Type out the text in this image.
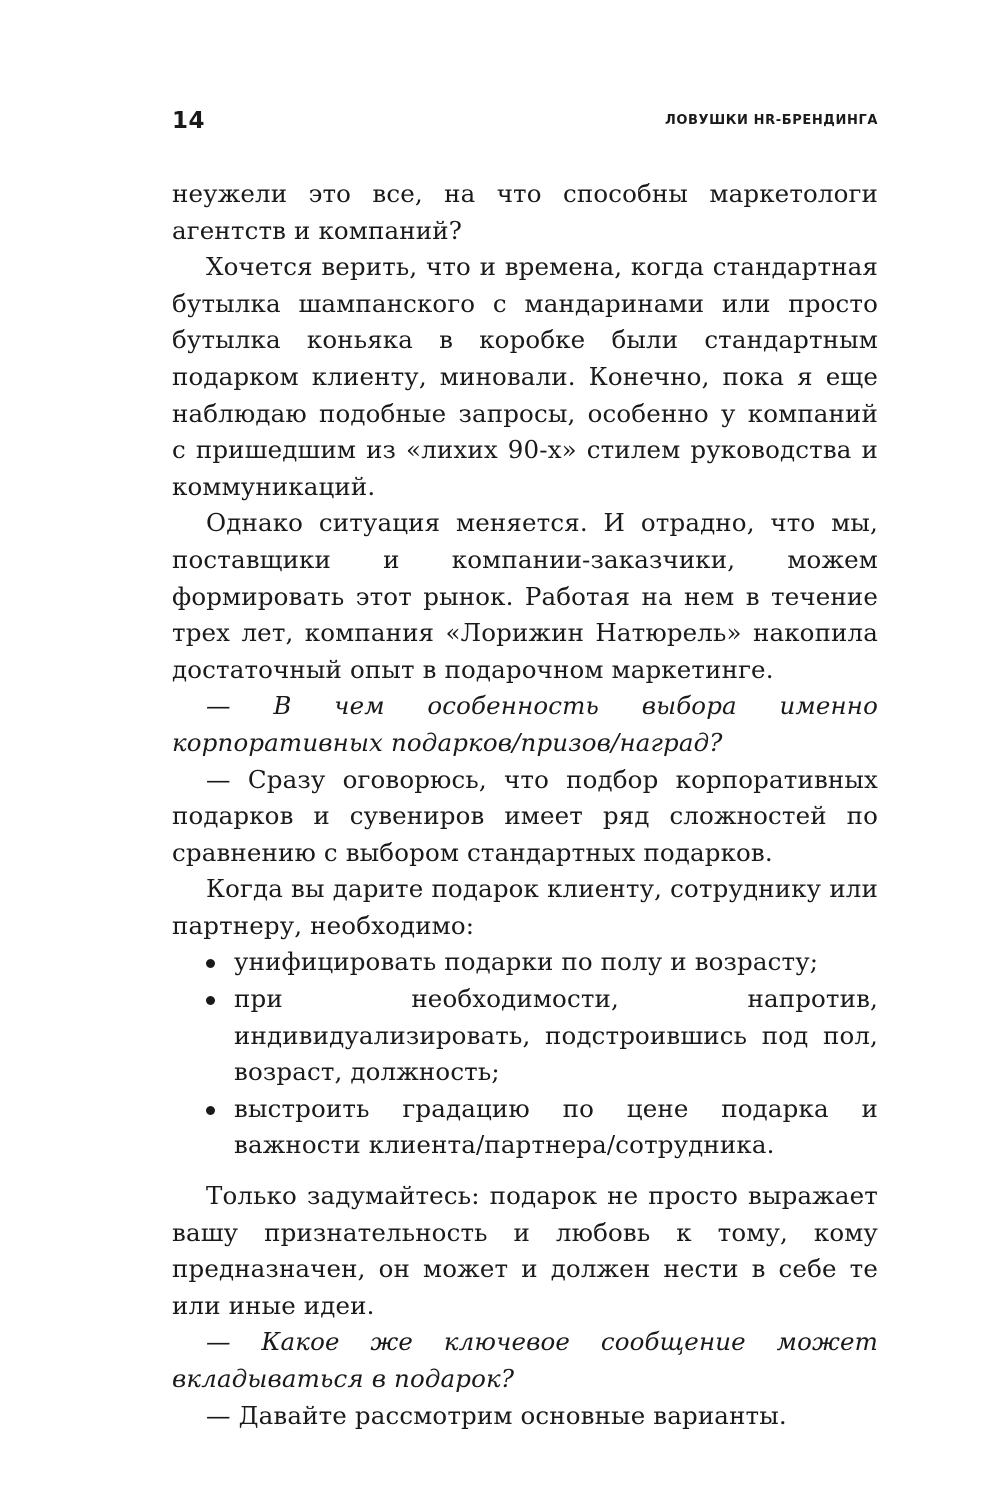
14	ЛОВУШКИ HR-БРЕНДИНГА

неужели это все, на что способны маркетологи агентств и компаний?

Хочется верить, что и времена, когда стандартная бутылка шампанского с мандаринами или просто бутылка коньяка в коробке были стандартным подарком клиенту, миновали. Конечно, пока я еще наблюдаю подобные запросы, особенно у компаний с пришедшим из «лихих 90-х» стилем руководства и коммуникаций.

Однако ситуация меняется. И отрадно, что мы, поставщики и компании-заказчики, можем формировать этот рынок. Работая на нем в течение трех лет, компания «Лорижин Натюрель» накопила достаточный опыт в подарочном маркетинге.

— В чем особенность выбора именно корпоративных подарков/призов/наград?

— Сразу оговорюсь, что подбор корпоративных подарков и сувениров имеет ряд сложностей по сравнению с выбором стандартных подарков.

Когда вы дарите подарок клиенту, сотруднику или партнеру, необходимо:

унифицировать подарки по полу и возрасту;
при необходимости, напротив, индивидуализировать, подстроившись под пол, возраст, должность;
выстроить градацию по цене подарка и важности клиента/партнера/сотрудника.

Только задумайтесь: подарок не просто выражает вашу признательность и любовь к тому, кому предназначен, он может и должен нести в себе те или иные идеи.

— Какое же ключевое сообщение может вкладываться в подарок?

— Давайте рассмотрим основные варианты.
